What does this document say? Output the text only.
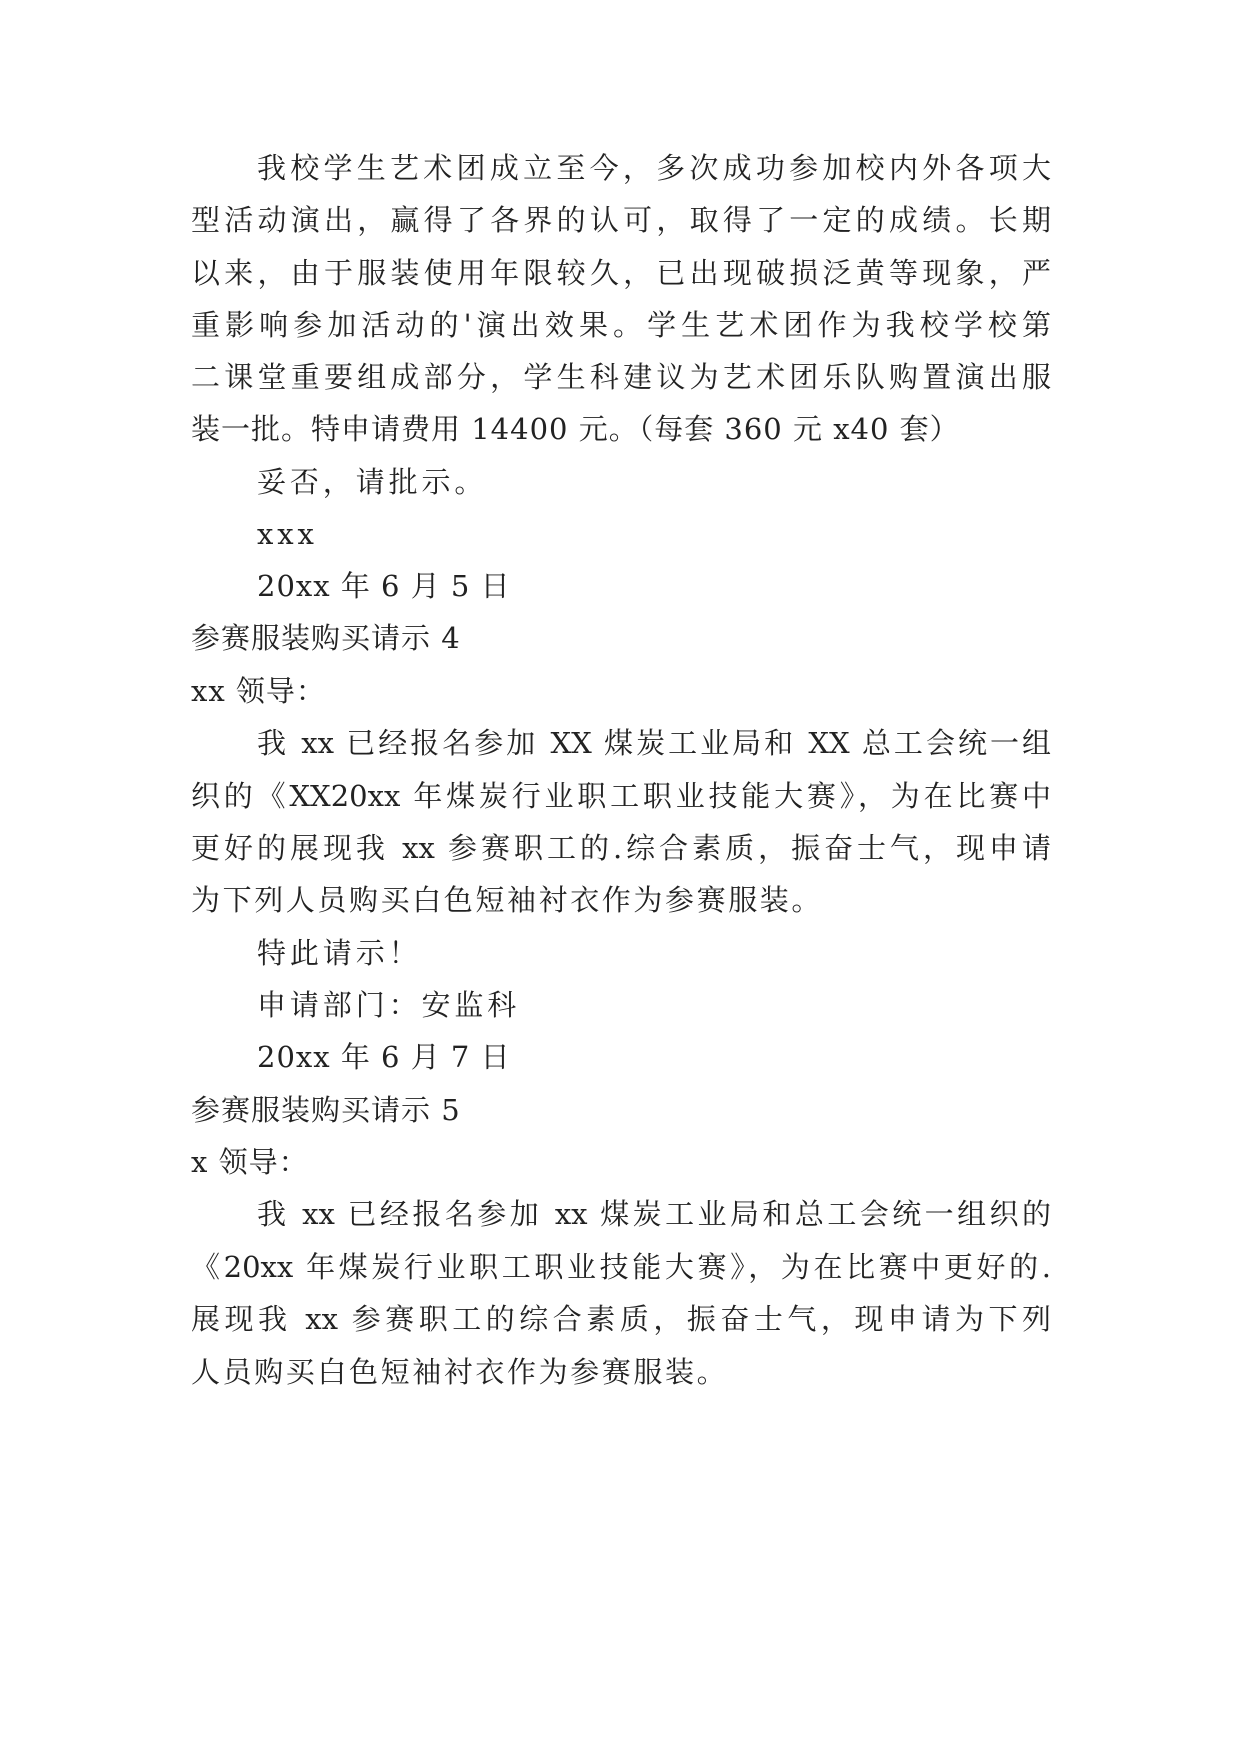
我校学生艺术团成立至今，多次成功参加校内外各项大
型活动演出，赢得了各界的认可，取得了一定的成绩。长期
以来，由于服装使用年限较久，已出现破损泛黄等现象，严
重影响参加活动的'演出效果。学生艺术团作为我校学校第
二课堂重要组成部分，学生科建议为艺术团乐队购置演出服
装一批。特申请费用 14400 元。（每套 360 元 x40 套）
妥否，请批示。
xxx
20xx 年 6 月 5 日
参赛服装购买请示 4
xx 领导：
我 xx 已经报名参加 XX 煤炭工业局和 XX 总工会统一组
织的《XX20xx 年煤炭行业职工职业技能大赛》，为在比赛中
更好的展现我 xx 参赛职工的.综合素质，振奋士气，现申请
为下列人员购买白色短袖衬衣作为参赛服装。
特此请示！
申请部门：安监科
20xx 年 6 月 7 日
参赛服装购买请示 5
x 领导：
我 xx 已经报名参加 xx 煤炭工业局和总工会统一组织的
《20xx 年煤炭行业职工职业技能大赛》，为在比赛中更好的.
展现我 xx 参赛职工的综合素质，振奋士气，现申请为下列
人员购买白色短袖衬衣作为参赛服装。
